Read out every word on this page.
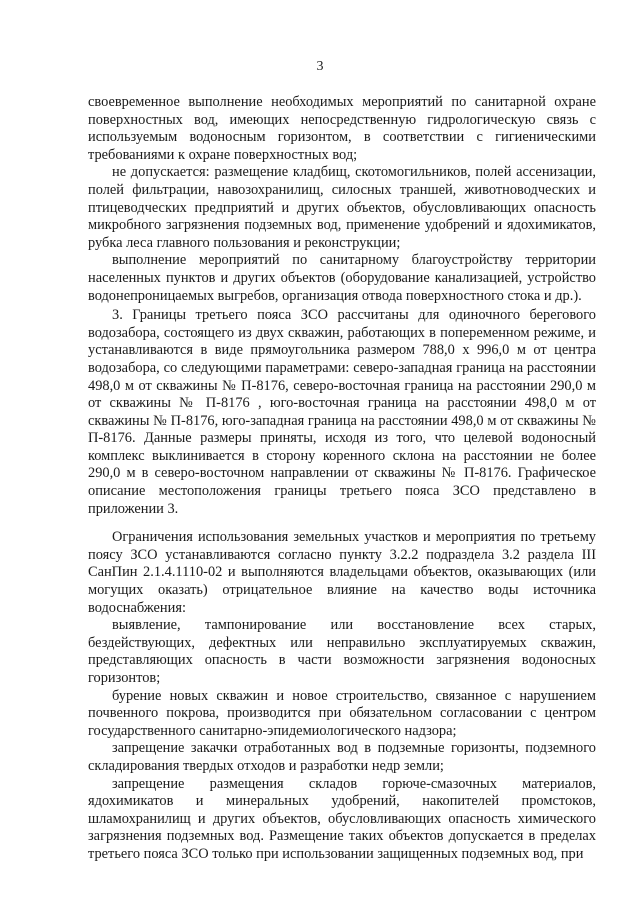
3

своевременное выполнение необходимых мероприятий по санитарной охране поверхностных вод, имеющих непосредственную гидрологическую связь с используемым водоносным горизонтом, в соответствии с гигиеническими требованиями к охране поверхностных вод;

не допускается: размещение кладбищ, скотомогильников, полей ассенизации, полей фильтрации, навозохранилищ, силосных траншей, животноводческих и птицеводческих предприятий и других объектов, обусловливающих опасность микробного загрязнения подземных вод, применение удобрений и ядохимикатов, рубка леса главного пользования и реконструкции;

выполнение мероприятий по санитарному благоустройству территории населенных пунктов и других объектов (оборудование канализацией, устройство водонепроницаемых выгребов, организация отвода поверхностного стока и др.).

3. Границы третьего пояса ЗСО рассчитаны для одиночного берегового водозабора, состоящего из двух скважин, работающих в попеременном режиме, и устанавливаются в виде прямоугольника размером 788,0 х 996,0 м от центра водозабора, со следующими параметрами: северо-западная граница на расстоянии 498,0 м от скважины № П-8176, северо-восточная граница на расстоянии 290,0 м от скважины № П-8176 , юго-восточная граница на расстоянии 498,0 м от скважины № П-8176, юго-западная граница на расстоянии 498,0 м от скважины № П-8176. Данные размеры приняты, исходя из того, что целевой водоносный комплекс выклинивается в сторону коренного склона на расстоянии не более 290,0 м в северо-восточном направлении от скважины № П-8176. Графическое описание местоположения границы третьего пояса ЗСО представлено в приложении 3.

Ограничения использования земельных участков и мероприятия по третьему поясу ЗСО устанавливаются согласно пункту 3.2.2 подраздела 3.2 раздела III СанПин 2.1.4.1110-02 и выполняются владельцами объектов, оказывающих (или могущих оказать) отрицательное влияние на качество воды источника водоснабжения:

выявление, тампонирование или восстановление всех старых, бездействующих, дефектных или неправильно эксплуатируемых скважин, представляющих опасность в части возможности загрязнения водоносных горизонтов;

бурение новых скважин и новое строительство, связанное с нарушением почвенного покрова, производится при обязательном согласовании с центром государственного санитарно-эпидемиологического надзора;

запрещение закачки отработанных вод в подземные горизонты, подземного складирования твердых отходов и разработки недр земли;

запрещение размещения складов горюче-смазочных материалов, ядохимикатов и минеральных удобрений, накопителей промстоков, шламохранилищ и других объектов, обусловливающих опасность химического загрязнения подземных вод. Размещение таких объектов допускается в пределах третьего пояса ЗСО только при использовании защищенных подземных вод, при
